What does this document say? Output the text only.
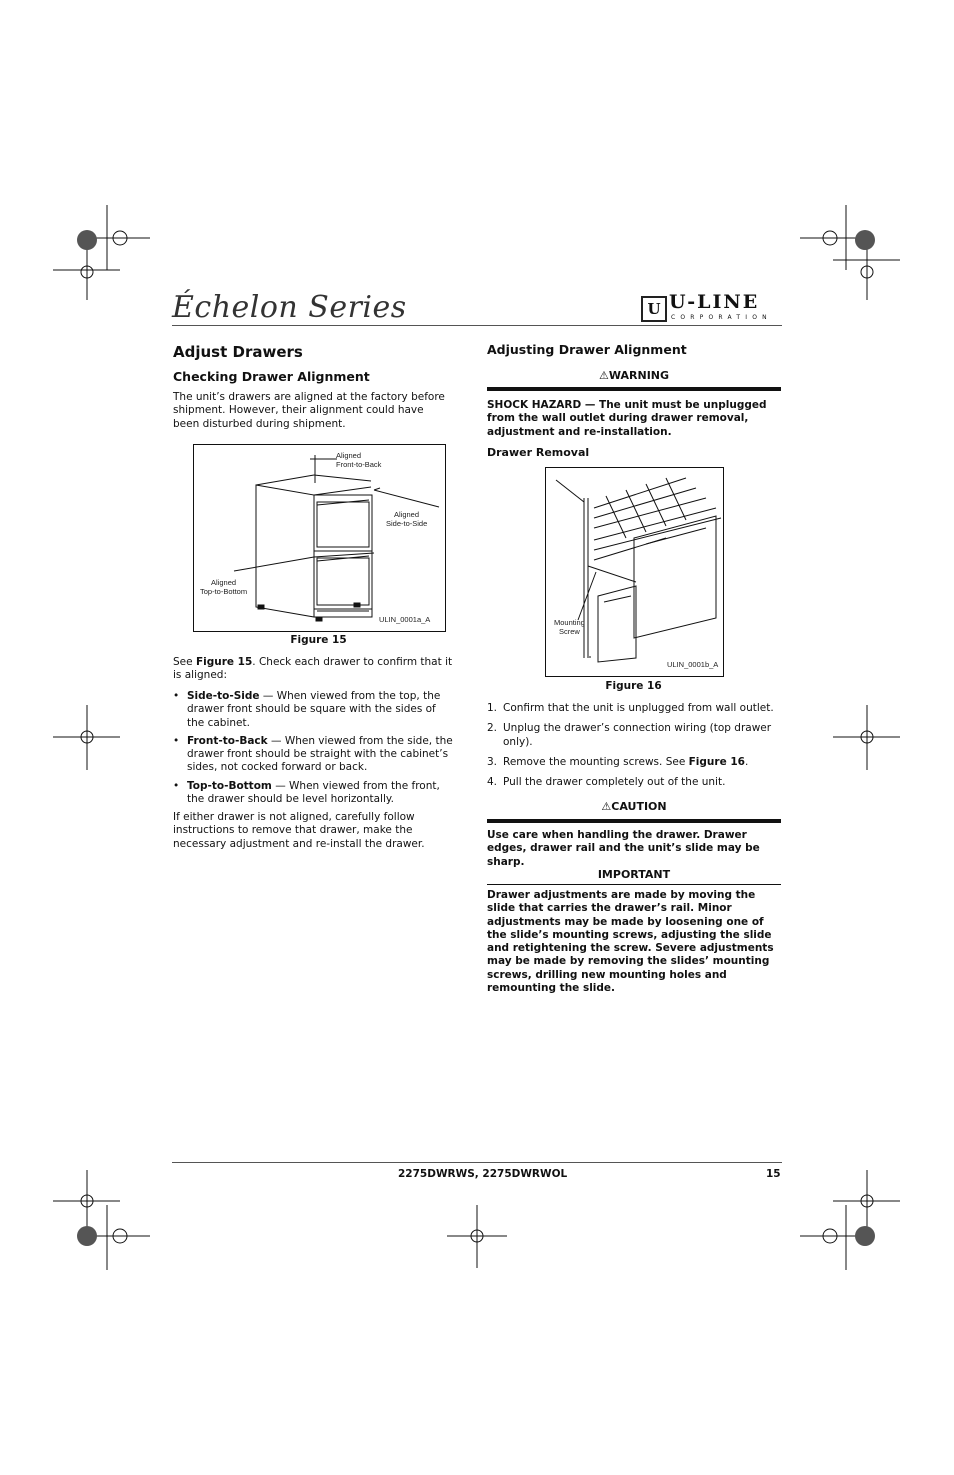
Échelon Series	U U-LINE
CORPORATION
Adjust Drawers
Checking Drawer Alignment
The unit’s drawers are aligned at the factory before shipment. However, their alignment could have been disturbed during shipment.
Aligned
Front-to-Back
Aligned
Side-to-Side
Aligned
Top-to-Bottom
ULIN_0001a_A
Figure 15
See Figure 15. Check each drawer to confirm that it is aligned:
• Side-to-Side — When viewed from the top, the drawer front should be square with the sides of the cabinet.
• Front-to-Back — When viewed from the side, the drawer front should be straight with the cabinet’s sides, not cocked forward or back.
• Top-to-Bottom — When viewed from the front, the drawer should be level horizontally.
If either drawer is not aligned, carefully follow instructions to remove that drawer, make the necessary adjustment and re-install the drawer.
Adjusting Drawer Alignment
⚠WARNING
SHOCK HAZARD — The unit must be unplugged from the wall outlet during drawer removal, adjustment and re-installation.
Drawer Removal
Mounting
Screw
ULIN_0001b_A
Figure 16
1. Confirm that the unit is unplugged from wall outlet.
2. Unplug the drawer’s connection wiring (top drawer only).
3. Remove the mounting screws. See Figure 16.
4. Pull the drawer completely out of the unit.
⚠CAUTION
Use care when handling the drawer. Drawer edges, drawer rail and the unit’s slide may be sharp.
IMPORTANT
Drawer adjustments are made by moving the slide that carries the drawer’s rail. Minor adjustments may be made by loosening one of the slide’s mounting screws, adjusting the slide and retightening the screw. Severe adjustments may be made by removing the slides’ mounting screws, drilling new mounting holes and remounting the slide.
2275DWRWS, 2275DWRWOL	15
